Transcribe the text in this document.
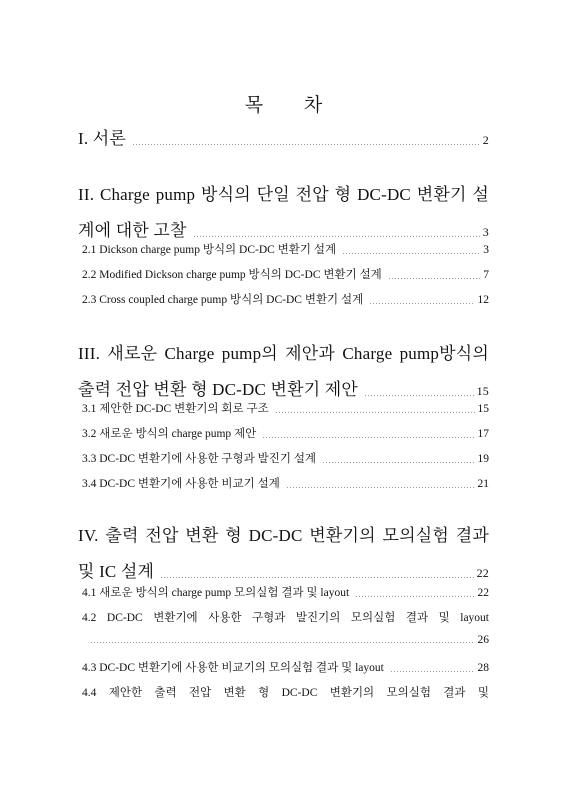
목 차
I. 서론	2
II. Charge pump 방식의 단일 전압 형 DC-DC 변환기 설
계에 대한 고찰	3
2.1 Dickson charge pump 방식의 DC-DC 변환기 설계	3
2.2 Modified Dickson charge pump 방식의 DC-DC 변환기 설계	7
2.3 Cross coupled charge pump 방식의 DC-DC 변환기 설계	12
III. 새로운 Charge pump의 제안과 Charge pump방식의
출력 전압 변환 형 DC-DC 변환기 제안	15
3.1 제안한 DC-DC 변환기의 회로 구조	15
3.2 새로운 방식의 charge pump 제안	17
3.3 DC-DC 변환기에 사용한 구형과 발진기 설계	19
3.4 DC-DC 변환기에 사용한 비교기 설계	21
IV. 출력 전압 변환 형 DC-DC 변환기의 모의실험 결과
및 IC 설계	22
4.1 새로운 방식의 charge pump 모의실험 결과 및 layout	22
4.2 DC-DC 변환기에 사용한 구형과 발진기의 모의실험 결과 및 layout
26
4.3 DC-DC 변환기에 사용한 비교기의 모의실험 결과 및 layout	28
4.4 제안한 출력 전압 변환 형 DC-DC 변환기의 모의실험 결과 및
